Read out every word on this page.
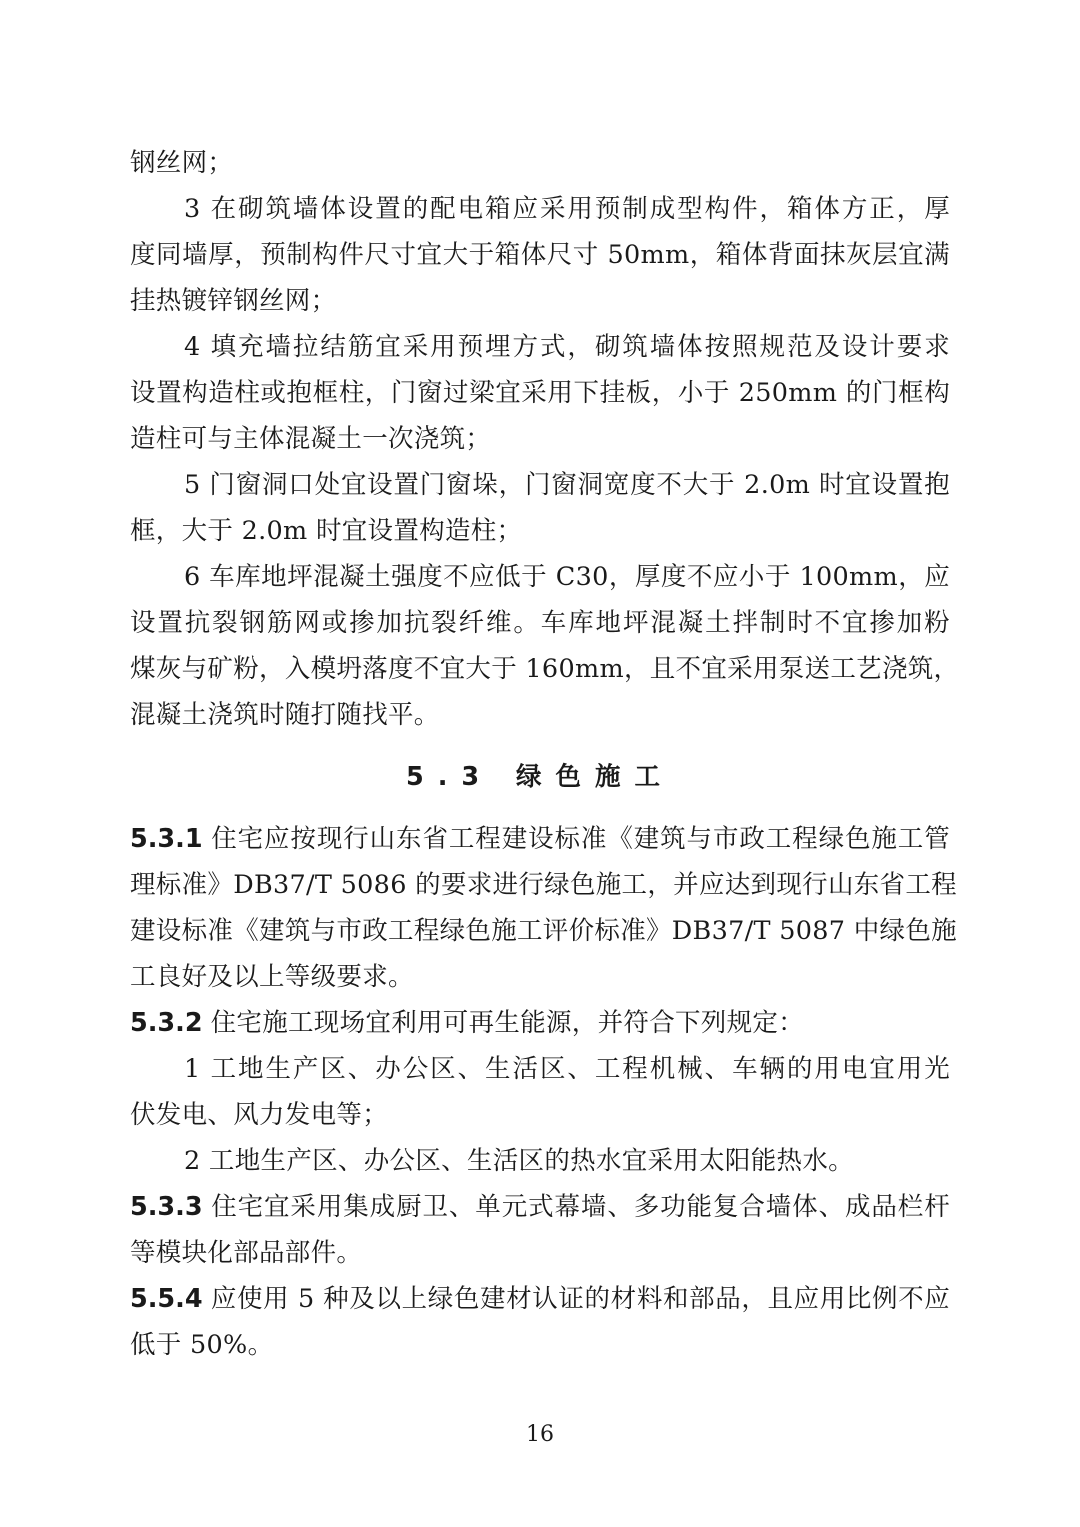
钢丝网；
3 在砌筑墙体设置的配电箱应采用预制成型构件，箱体方正，厚
度同墙厚，预制构件尺寸宜大于箱体尺寸 50mm，箱体背面抹灰层宜满
挂热镀锌钢丝网；
4 填充墙拉结筋宜采用预埋方式，砌筑墙体按照规范及设计要求
设置构造柱或抱框柱，门窗过梁宜采用下挂板，小于 250mm 的门框构
造柱可与主体混凝土一次浇筑；
5 门窗洞口处宜设置门窗垛，门窗洞宽度不大于 2.0m 时宜设置抱
框，大于 2.0m 时宜设置构造柱；
6 车库地坪混凝土强度不应低于 C30，厚度不应小于 100mm，应
设置抗裂钢筋网或掺加抗裂纤维。车库地坪混凝土拌制时不宜掺加粉
煤灰与矿粉，入模坍落度不宜大于 160mm，且不宜采用泵送工艺浇筑，
混凝土浇筑时随打随找平。
5.3 绿色施工
5.3.1 住宅应按现行山东省工程建设标准《建筑与市政工程绿色施工管
理标准》DB37/T 5086 的要求进行绿色施工，并应达到现行山东省工程
建设标准《建筑与市政工程绿色施工评价标准》DB37/T 5087 中绿色施
工良好及以上等级要求。
5.3.2 住宅施工现场宜利用可再生能源，并符合下列规定：
1 工地生产区、办公区、生活区、工程机械、车辆的用电宜用光
伏发电、风力发电等；
2 工地生产区、办公区、生活区的热水宜采用太阳能热水。
5.3.3 住宅宜采用集成厨卫、单元式幕墙、多功能复合墙体、成品栏杆
等模块化部品部件。
5.5.4 应使用 5 种及以上绿色建材认证的材料和部品，且应用比例不应
低于 50%。
16
